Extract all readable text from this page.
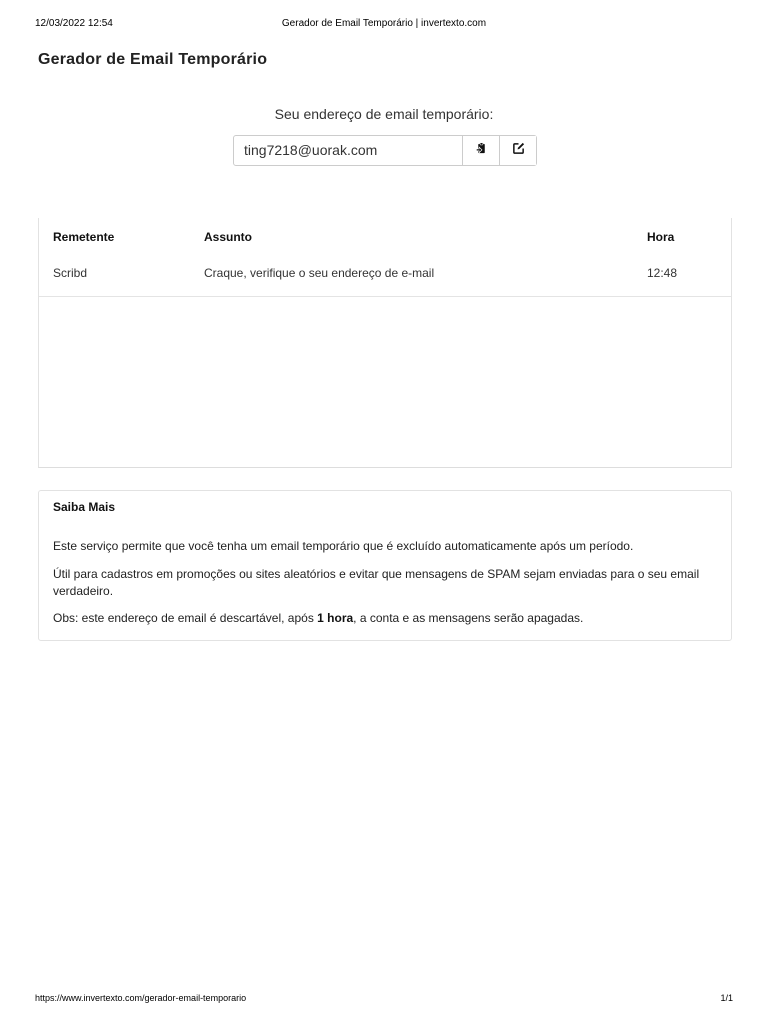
12/03/2022 12:54	Gerador de Email Temporário | invertexto.com
Gerador de Email Temporário
Seu endereço de email temporário:
ting7218@uorak.com
Remetente	Assunto	Hora
Scribd	Craque, verifique o seu endereço de e-mail	12:48
Saiba Mais

Este serviço permite que você tenha um email temporário que é excluído automaticamente após um período.

Útil para cadastros em promoções ou sites aleatórios e evitar que mensagens de SPAM sejam enviadas para o seu email verdadeiro.

Obs: este endereço de email é descartável, após 1 hora, a conta e as mensagens serão apagadas.

https://www.invertexto.com/gerador-email-temporario	1/1
